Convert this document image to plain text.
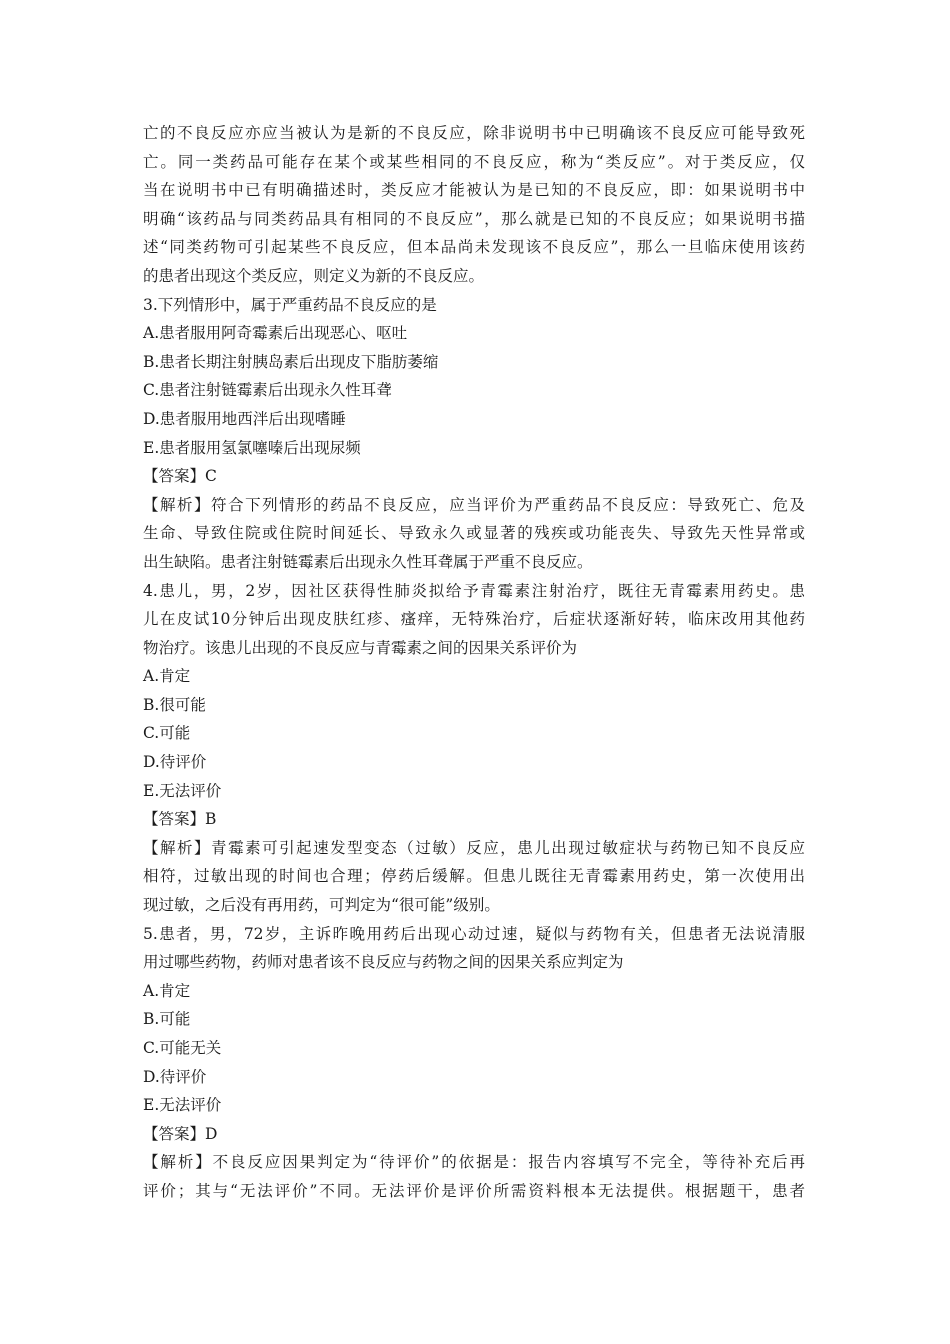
亡的不良反应亦应当被认为是新的不良反应，除非说明书中已明确该不良反应可能导致死
亡。同一类药品可能存在某个或某些相同的不良反应，称为“类反应”。对于类反应，仅
当在说明书中已有明确描述时，类反应才能被认为是已知的不良反应，即：如果说明书中
明确“该药品与同类药品具有相同的不良反应”，那么就是已知的不良反应；如果说明书描
述“同类药物可引起某些不良反应，但本品尚未发现该不良反应”，那么一旦临床使用该药
的患者出现这个类反应，则定义为新的不良反应。
3.下列情形中，属于严重药品不良反应的是
A.患者服用阿奇霉素后出现恶心、呕吐
B.患者长期注射胰岛素后出现皮下脂肪萎缩
C.患者注射链霉素后出现永久性耳聋
D.患者服用地西泮后出现嗜睡
E.患者服用氢氯噻嗪后出现尿频
【答案】C
【解析】符合下列情形的药品不良反应，应当评价为严重药品不良反应：导致死亡、危及
生命、导致住院或住院时间延长、导致永久或显著的残疾或功能丧失、导致先天性异常或
出生缺陷。患者注射链霉素后出现永久性耳聋属于严重不良反应。
4.患儿，男，2岁，因社区获得性肺炎拟给予青霉素注射治疗，既往无青霉素用药史。患
儿在皮试10分钟后出现皮肤红疹、瘙痒，无特殊治疗，后症状逐渐好转，临床改用其他药
物治疗。该患儿出现的不良反应与青霉素之间的因果关系评价为
A.肯定
B.很可能
C.可能
D.待评价
E.无法评价
【答案】B
【解析】青霉素可引起速发型变态（过敏）反应，患儿出现过敏症状与药物已知不良反应
相符，过敏出现的时间也合理；停药后缓解。但患儿既往无青霉素用药史，第一次使用出
现过敏，之后没有再用药，可判定为“很可能”级别。
5.患者，男，72岁，主诉昨晚用药后出现心动过速，疑似与药物有关，但患者无法说清服
用过哪些药物，药师对患者该不良反应与药物之间的因果关系应判定为
A.肯定
B.可能
C.可能无关
D.待评价
E.无法评价
【答案】D
【解析】不良反应因果判定为“待评价”的依据是：报告内容填写不完全，等待补充后再
评价；其与“无法评价”不同。无法评价是评价所需资料根本无法提供。根据题干，患者
